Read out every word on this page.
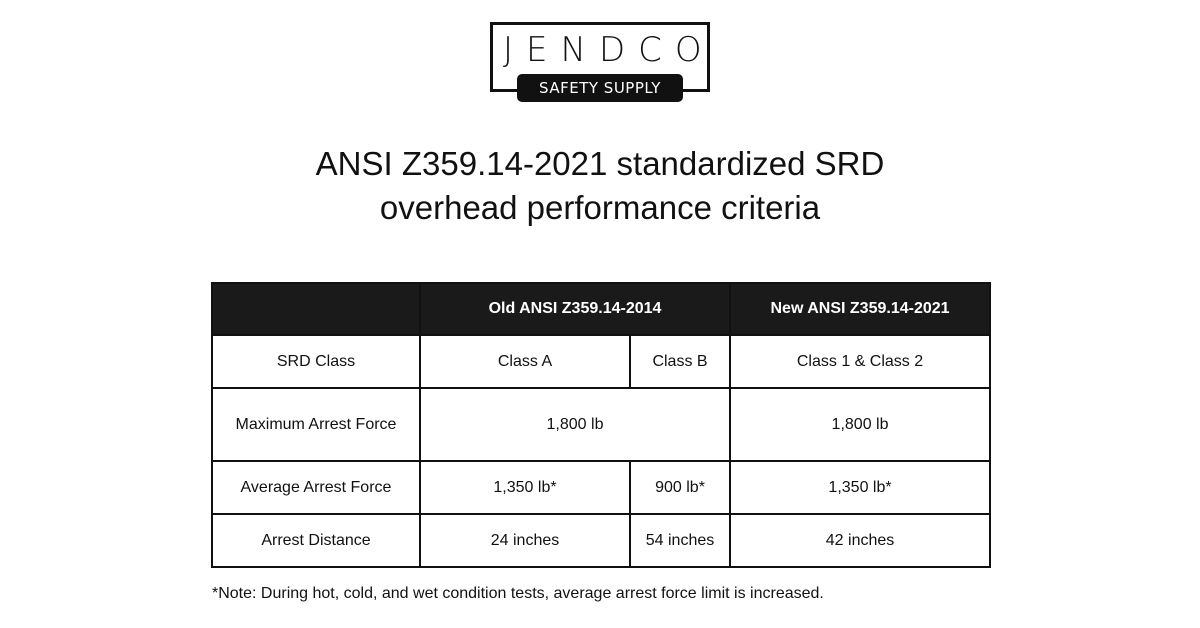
JENDCO
SAFETY SUPPLY
ANSI Z359.14-2021 standardized SRD
overhead performance criteria
	Old ANSI Z359.14-2014		New ANSI Z359.14-2021
SRD Class	Class A	Class B	Class 1 & Class 2
Maximum Arrest Force	1,800 lb		1,800 lb
Average Arrest Force	1,350 lb*	900 lb*	1,350 lb*
Arrest Distance	24 inches	54 inches	42 inches
*Note: During hot, cold, and wet condition tests, average arrest force limit is increased.
